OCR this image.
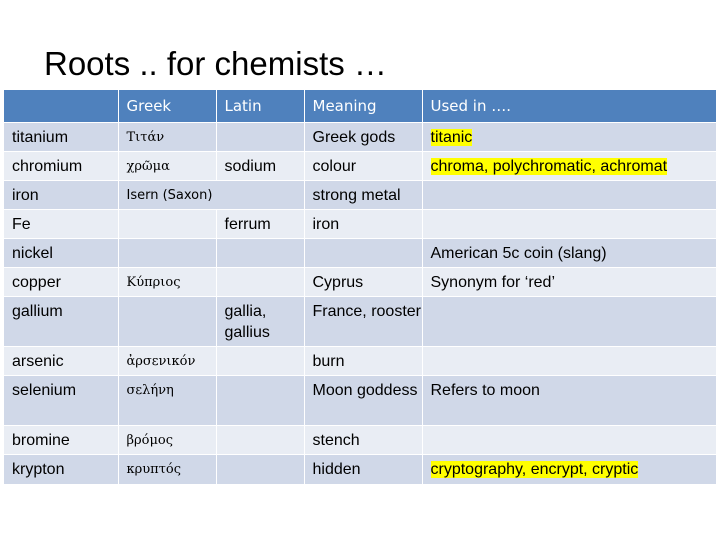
Roots .. for chemists …
	Greek	Latin	Meaning	Used in ….
titanium	Τιτάν		Greek gods	titanic
chromium	χρῶμα	sodium	colour	chroma, polychromatic, achromat
iron	Isern (Saxon)		strong metal	
Fe		ferrum	iron	
nickel				American 5c coin (slang)
copper	Κύπριος		Cyprus	Synonym for ‘red’
gallium		gallia, gallius	France, rooster	
arsenic	ἀρσενικόν		burn	
selenium	σελήνη		Moon goddess	Refers to moon
bromine	βρόμος		stench	
krypton	κρυπτός		hidden	cryptography, encrypt, cryptic
